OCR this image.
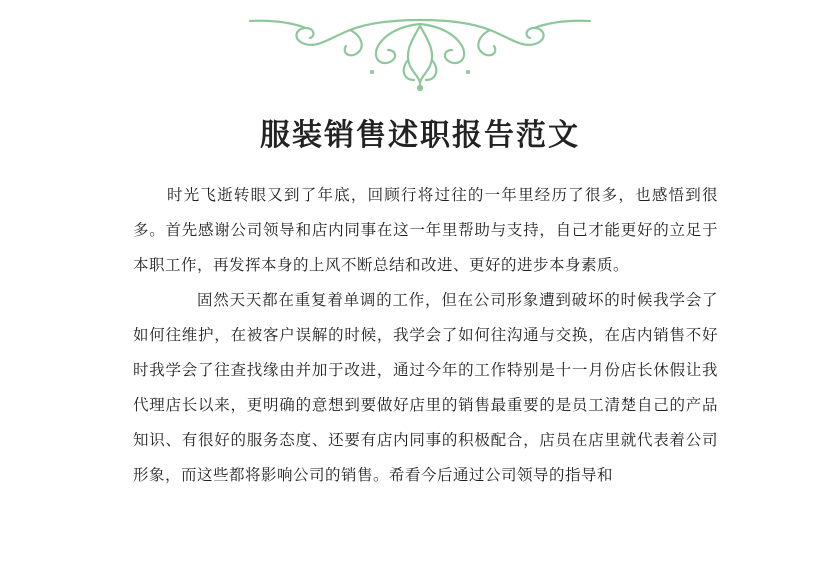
服装销售述职报告范文

时光飞逝转眼又到了年底，回顾行将过往的一年里经历了很多，也感悟到很多。首先感谢公司领导和店内同事在这一年里帮助与支持，自己才能更好的立足于本职工作，再发挥本身的上风不断总结和改进、更好的进步本身素质。

固然天天都在重复着单调的工作，但在公司形象遭到破坏的时候我学会了如何往维护，在被客户误解的时候，我学会了如何往沟通与交换，在店内销售不好时我学会了往查找缘由并加于改进，通过今年的工作特别是十一月份店长休假让我代理店长以来，更明确的意想到要做好店里的销售最重要的是员工清楚自己的产品知识、有很好的服务态度、还要有店内同事的积极配合，店员在店里就代表着公司形象，而这些都将影响公司的销售。希看今后通过公司领导的指导和
